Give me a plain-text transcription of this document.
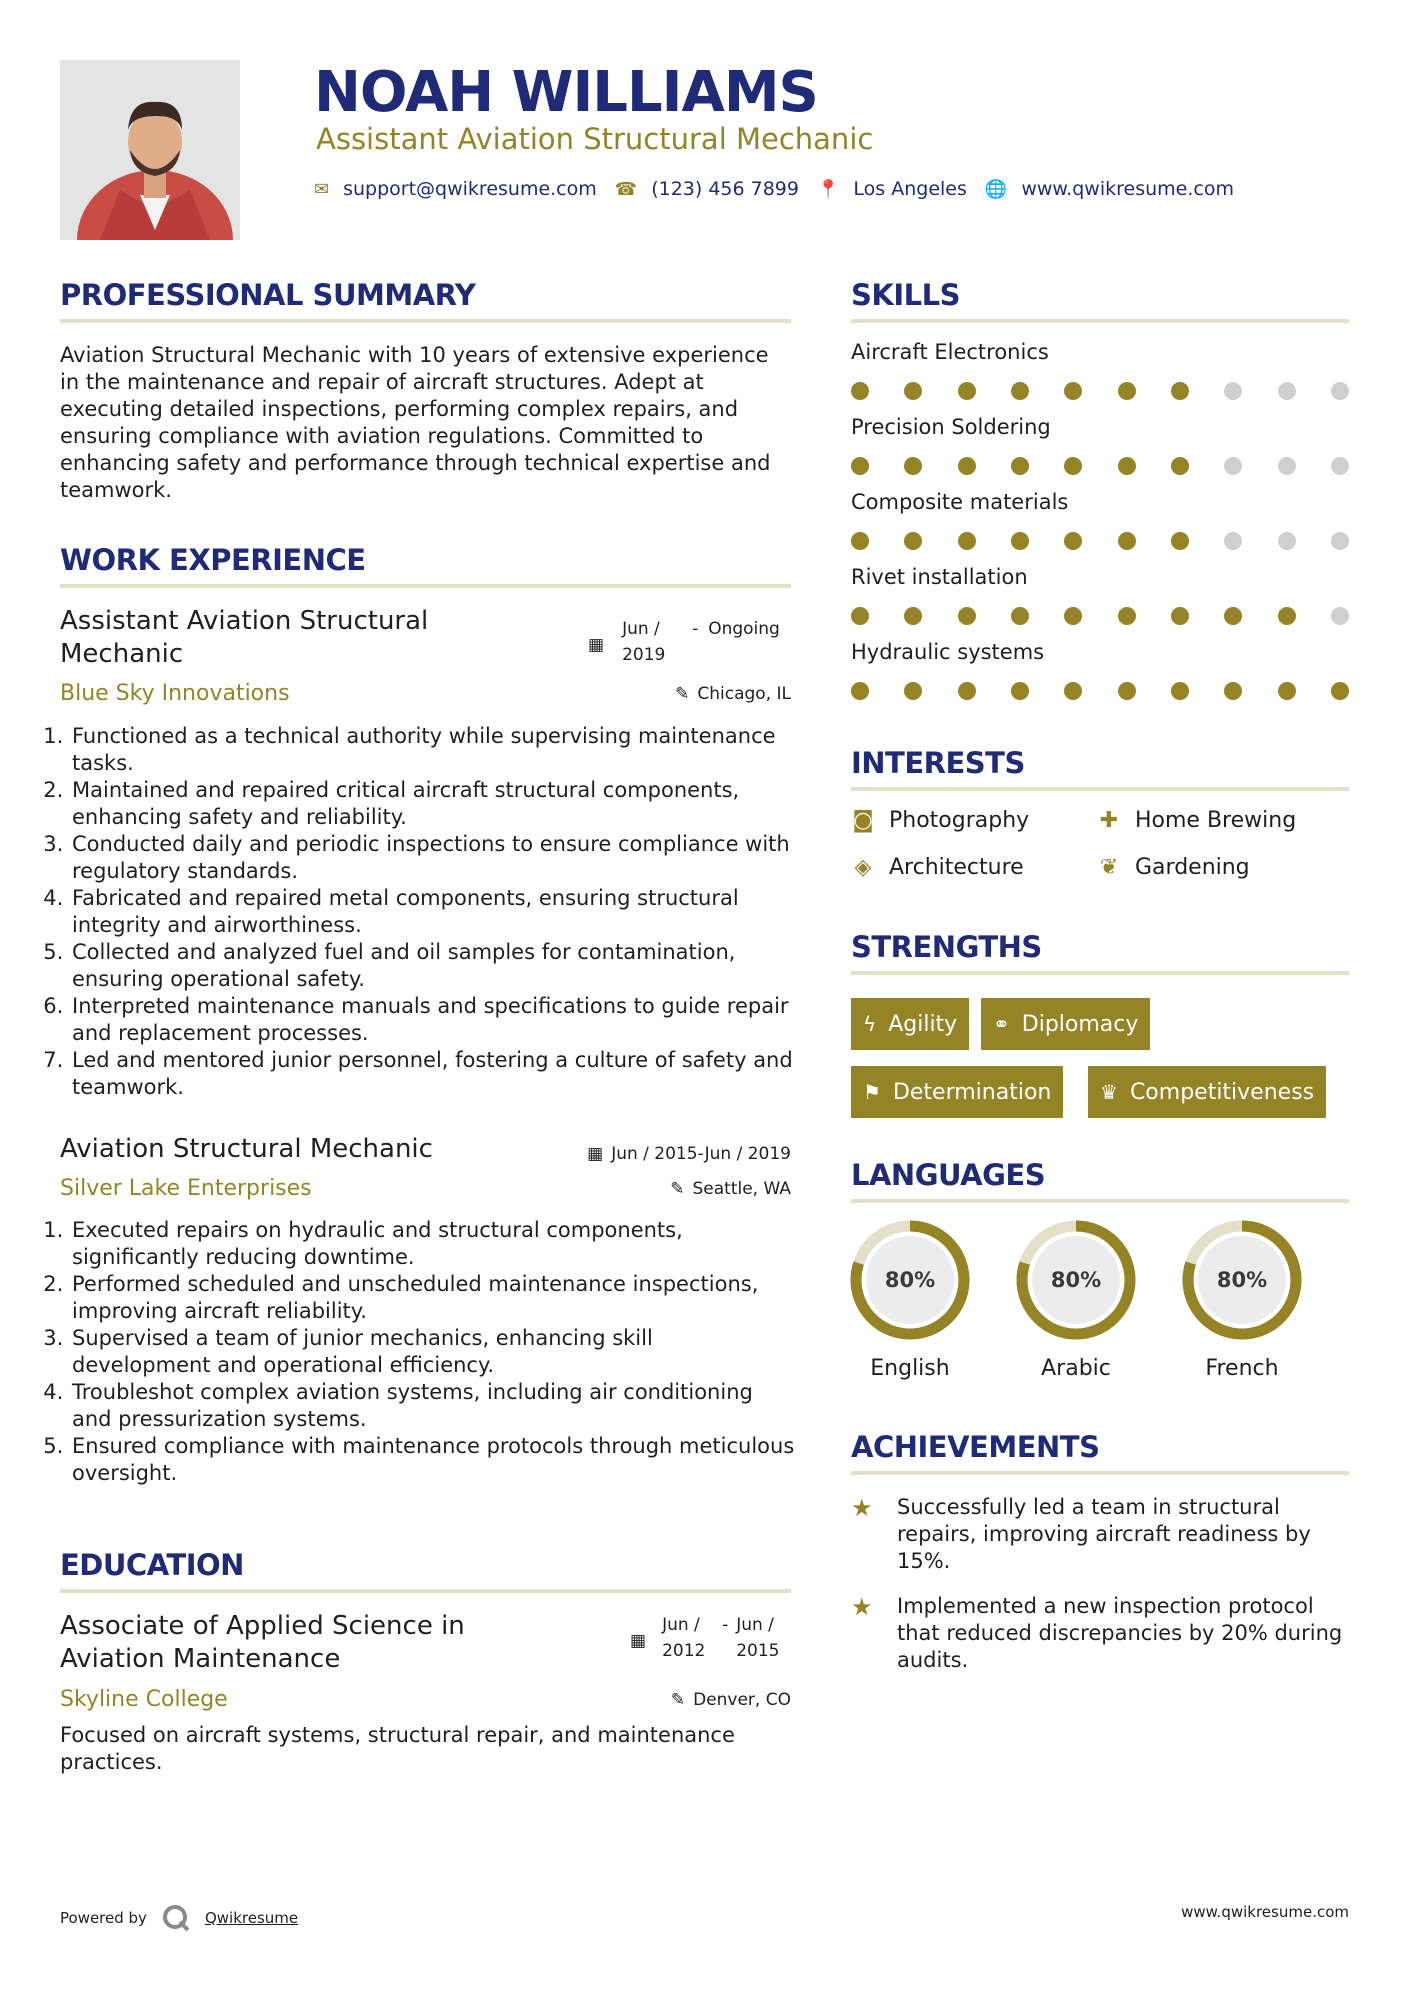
NOAH WILLIAMS
Assistant Aviation Structural Mechanic
✉ support@qwikresume.com ☎ (123) 456 7899 📍 Los Angeles 🌐 www.qwikresume.com
PROFESSIONAL SUMMARY
Aviation Structural Mechanic with 10 years of extensive experience in the maintenance and repair of aircraft structures. Adept at executing detailed inspections, performing complex repairs, and ensuring compliance with aviation regulations. Committed to enhancing safety and performance through technical expertise and teamwork.
WORK EXPERIENCE
Assistant Aviation Structural Mechanic	▦
Jun / 2019
- Ongoing
Blue Sky Innovations	✎ Chicago, IL
1. Functioned as a technical authority while supervising maintenance tasks.
2. Maintained and repaired critical aircraft structural components, enhancing safety and reliability.
3. Conducted daily and periodic inspections to ensure compliance with regulatory standards.
4. Fabricated and repaired metal components, ensuring structural integrity and airworthiness.
5. Collected and analyzed fuel and oil samples for contamination, ensuring operational safety.
6. Interpreted maintenance manuals and specifications to guide repair and replacement processes.
7. Led and mentored junior personnel, fostering a culture of safety and teamwork.
Aviation Structural Mechanic	▦ Jun / 2015-Jun / 2019
Silver Lake Enterprises	✎ Seattle, WA
1. Executed repairs on hydraulic and structural components, significantly reducing downtime.
2. Performed scheduled and unscheduled maintenance inspections, improving aircraft reliability.
3. Supervised a team of junior mechanics, enhancing skill development and operational efficiency.
4. Troubleshot complex aviation systems, including air conditioning and pressurization systems.
5. Ensured compliance with maintenance protocols through meticulous oversight.
EDUCATION
Associate of Applied Science in Aviation Maintenance
▦
Jun / 2012
- Jun / 2015
Skyline College	✎ Denver, CO
Focused on aircraft systems, structural repair, and maintenance practices.
SKILLS
Aircraft Electronics
Precision Soldering
Composite materials
Rivet installation
Hydraulic systems
INTERESTS
◙ Photography	✚ Home Brewing
◈ Architecture	❦ Gardening
STRENGTHS
ϟ Agility ⚭ Diplomacy
⚑ Determination ♛ Competitiveness
LANGUAGES
80%
English
80%
Arabic
80%
French
ACHIEVEMENTS
★	Successfully led a team in structural repairs, improving aircraft readiness by 15%.
★	Implemented a new inspection protocol that reduced discrepancies by 20% during audits.
Powered by	Qwikresume	www.qwikresume.com
